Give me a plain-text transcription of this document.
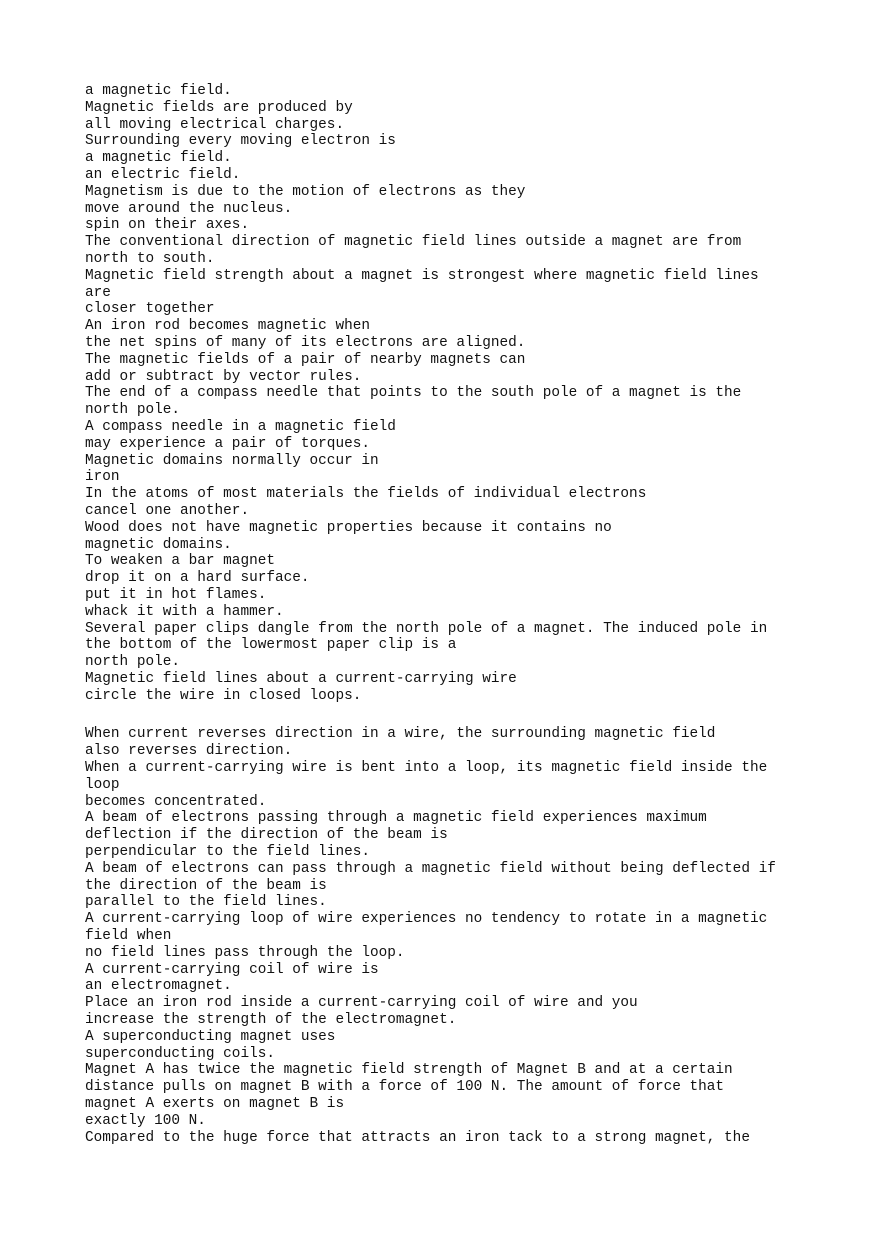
a magnetic field.
Magnetic fields are produced by
all moving electrical charges.
Surrounding every moving electron is
a magnetic field.
an electric field.
Magnetism is due to the motion of electrons as they
move around the nucleus.
spin on their axes.
The conventional direction of magnetic field lines outside a magnet are from
north to south.
Magnetic field strength about a magnet is strongest where magnetic field lines
are
closer together
An iron rod becomes magnetic when
the net spins of many of its electrons are aligned.
The magnetic fields of a pair of nearby magnets can
add or subtract by vector rules.
The end of a compass needle that points to the south pole of a magnet is the
north pole.
A compass needle in a magnetic field
may experience a pair of torques.
Magnetic domains normally occur in
iron
In the atoms of most materials the fields of individual electrons
cancel one another.
Wood does not have magnetic properties because it contains no
magnetic domains.
To weaken a bar magnet
drop it on a hard surface.
put it in hot flames.
whack it with a hammer.
Several paper clips dangle from the north pole of a magnet. The induced pole in
the bottom of the lowermost paper clip is a
north pole.
Magnetic field lines about a current-carrying wire
circle the wire in closed loops.
When current reverses direction in a wire, the surrounding magnetic field
also reverses direction.
When a current-carrying wire is bent into a loop, its magnetic field inside the
loop
becomes concentrated.
A beam of electrons passing through a magnetic field experiences maximum
deflection if the direction of the beam is
perpendicular to the field lines.
A beam of electrons can pass through a magnetic field without being deflected if
the direction of the beam is
parallel to the field lines.
A current-carrying loop of wire experiences no tendency to rotate in a magnetic
field when
no field lines pass through the loop.
A current-carrying coil of wire is
an electromagnet.
Place an iron rod inside a current-carrying coil of wire and you
increase the strength of the electromagnet.
A superconducting magnet uses
superconducting coils.
Magnet A has twice the magnetic field strength of Magnet B and at a certain
distance pulls on magnet B with a force of 100 N. The amount of force that
magnet A exerts on magnet B is
exactly 100 N.
Compared to the huge force that attracts an iron tack to a strong magnet, the
